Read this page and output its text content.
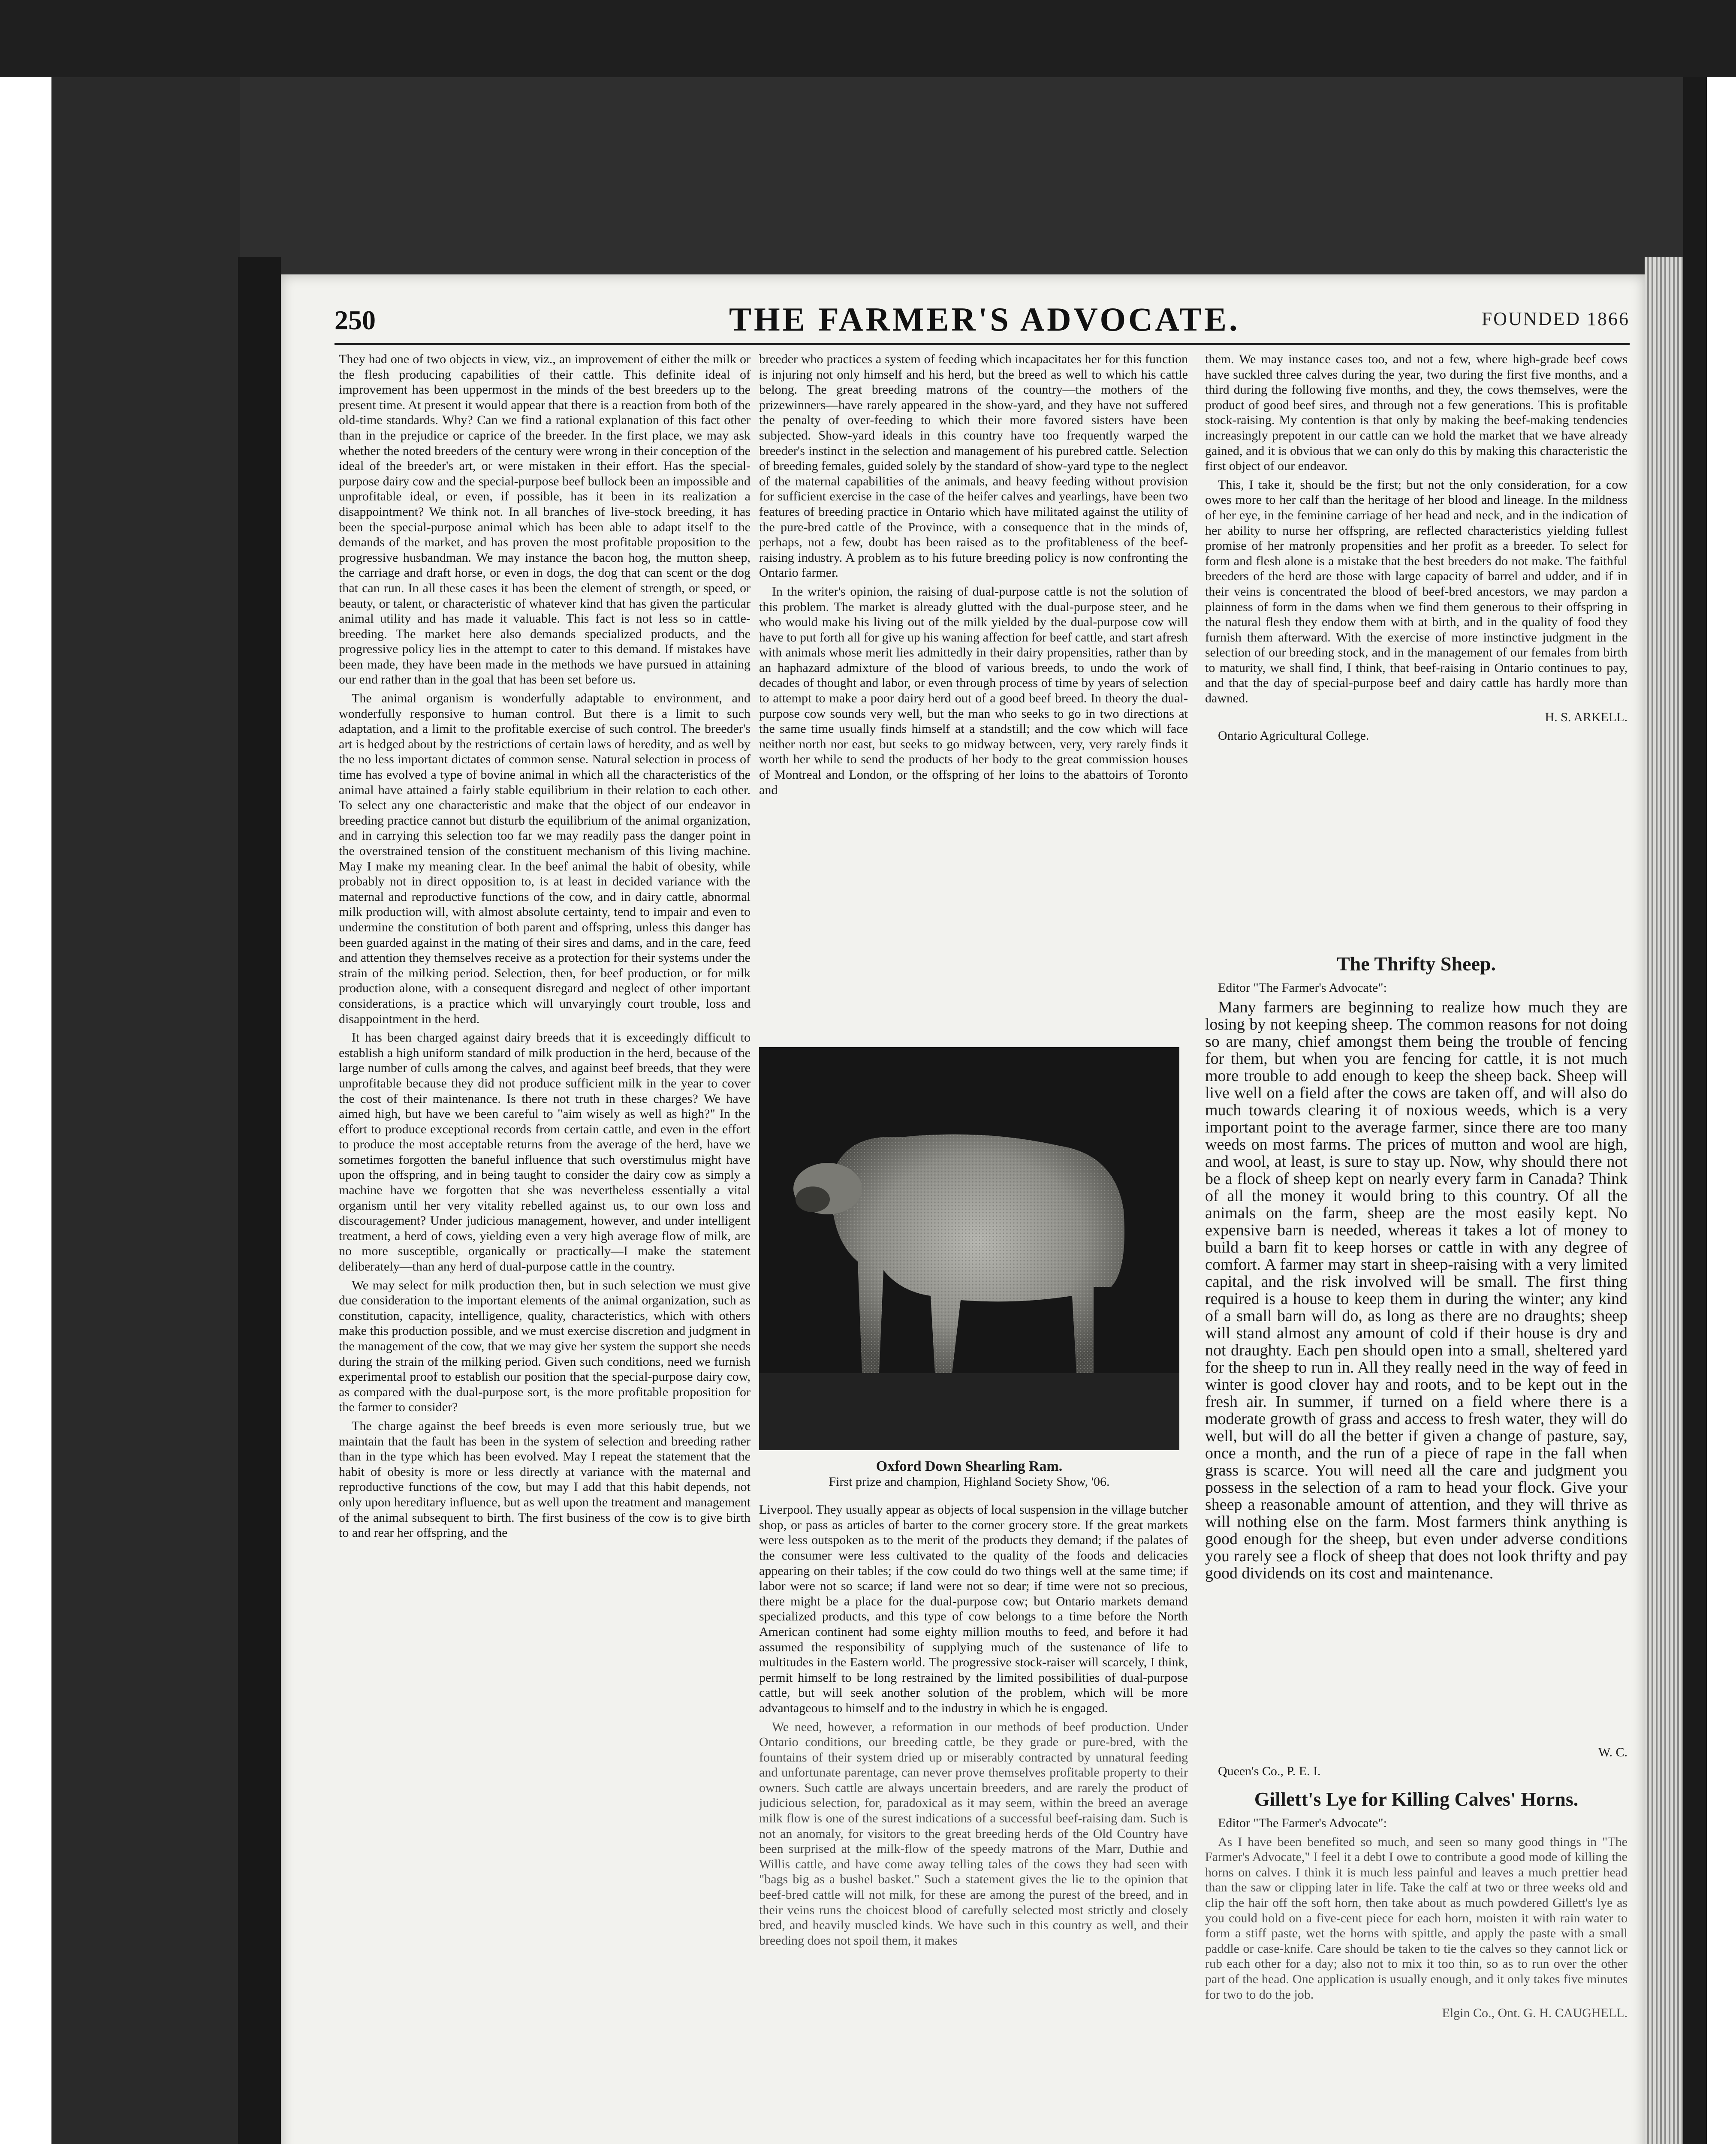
250	THE FARMER'S ADVOCATE.	FOUNDED 1866

They had one of two objects in view, viz., an improvement of either the milk or the flesh producing capabilities of their cattle. This definite ideal of improvement has been uppermost in the minds of the best breeders up to the present time. At present it would appear that there is a reaction from both of the old-time standards. Why? Can we find a rational explanation of this fact other than in the prejudice or caprice of the breeder. In the first place, we may ask whether the noted breeders of the century were wrong in their conception of the ideal of the breeder's art, or were mistaken in their effort. Has the special-purpose dairy cow and the special-purpose beef bullock been an impossible and unprofitable ideal, or even, if possible, has it been in its realization a disappointment? We think not. In all branches of live-stock breeding, it has been the special-purpose animal which has been able to adapt itself to the demands of the market, and has proven the most profitable proposition to the progressive husbandman. We may instance the bacon hog, the mutton sheep, the carriage and draft horse, or even in dogs, the dog that can scent or the dog that can run. In all these cases it has been the element of strength, or speed, or beauty, or talent, or characteristic of whatever kind that has given the particular animal utility and has made it valuable. This fact is not less so in cattle-breeding. The market here also demands specialized products, and the progressive policy lies in the attempt to cater to this demand. If mistakes have been made, they have been made in the methods we have pursued in attaining our end rather than in the goal that has been set before us.

The animal organism is wonderfully adaptable to environment, and wonderfully responsive to human control. But there is a limit to such adaptation, and a limit to the profitable exercise of such control. The breeder's art is hedged about by the restrictions of certain laws of heredity, and as well by the no less important dictates of common sense. Natural selection in process of time has evolved a type of bovine animal in which all the characteristics of the animal have attained a fairly stable equilibrium in their relation to each other. To select any one characteristic and make that the object of our endeavor in breeding practice cannot but disturb the equilibrium of the animal organization, and in carrying this selection too far we may readily pass the danger point in the overstrained tension of the constituent mechanism of this living machine. May I make my meaning clear. In the beef animal the habit of obesity, while probably not in direct opposition to, is at least in decided variance with the maternal and reproductive functions of the cow, and in dairy cattle, abnormal milk production will, with almost absolute certainty, tend to impair and even to undermine the constitution of both parent and offspring, unless this danger has been guarded against in the mating of their sires and dams, and in the care, feed and attention they themselves receive as a protection for their systems under the strain of the milking period. Selection, then, for beef production, or for milk production alone, with a consequent disregard and neglect of other important considerations, is a practice which will unvaryingly court trouble, loss and disappointment in the herd.

It has been charged against dairy breeds that it is exceedingly difficult to establish a high uniform standard of milk production in the herd, because of the large number of culls among the calves, and against beef breeds, that they were unprofitable because they did not produce sufficient milk in the year to cover the cost of their maintenance. Is there not truth in these charges? We have aimed high, but have we been careful to "aim wisely as well as high?" In the effort to produce exceptional records from certain cattle, and even in the effort to produce the most acceptable returns from the average of the herd, have we sometimes forgotten the baneful influence that such overstimulus might have upon the offspring, and in being taught to consider the dairy cow as simply a machine have we forgotten that she was nevertheless essentially a vital organism until her very vitality rebelled against us, to our own loss and discouragement? Under judicious management, however, and under intelligent treatment, a herd of cows, yielding even a very high average flow of milk, are no more susceptible, organically or practically—I make the statement deliberately—than any herd of dual-purpose cattle in the country.

We may select for milk production then, but in such selection we must give due consideration to the important elements of the animal organization, such as constitution, capacity, intelligence, quality, characteristics, which with others make this production possible, and we must exercise discretion and judgment in the management of the cow, that we may give her system the support she needs during the strain of the milking period. Given such conditions, need we furnish experimental proof to establish our position that the special-purpose dairy cow, as compared with the dual-purpose sort, is the more profitable proposition for the farmer to consider?

The charge against the beef breeds is even more seriously true, but we maintain that the fault has been in the system of selection and breeding rather than in the type which has been evolved. May I repeat the statement that the habit of obesity is more or less directly at variance with the maternal and reproductive functions of the cow, but may I add that this habit depends, not only upon hereditary influence, but as well upon the treatment and management of the animal subsequent to birth. The first business of the cow is to give birth to and rear her offspring, and the

breeder who practices a system of feeding which incapacitates her for this function is injuring not only himself and his herd, but the breed as well to which his cattle belong. The great breeding matrons of the country—the mothers of the prizewinners—have rarely appeared in the show-yard, and they have not suffered the penalty of over-feeding to which their more favored sisters have been subjected. Show-yard ideals in this country have too frequently warped the breeder's instinct in the selection and management of his purebred cattle. Selection of breeding females, guided solely by the standard of show-yard type to the neglect of the maternal capabilities of the animals, and heavy feeding without provision for sufficient exercise in the case of the heifer calves and yearlings, have been two features of breeding practice in Ontario which have militated against the utility of the pure-bred cattle of the Province, with a consequence that in the minds of, perhaps, not a few, doubt has been raised as to the profitableness of the beef-raising industry. A problem as to his future breeding policy is now confronting the Ontario farmer.

In the writer's opinion, the raising of dual-purpose cattle is not the solution of this problem. The market is already glutted with the dual-purpose steer, and he who would make his living out of the milk yielded by the dual-purpose cow will have to put forth all for give up his waning affection for beef cattle, and start afresh with animals whose merit lies admittedly in their dairy propensities, rather than by an haphazard admixture of the blood of various breeds, to undo the work of decades of thought and labor, or even through process of time by years of selection to attempt to make a poor dairy herd out of a good beef breed. In theory the dual-purpose cow sounds very well, but the man who seeks to go in two directions at the same time usually finds himself at a standstill; and the cow which will face neither north nor east, but seeks to go midway between, very, very rarely finds it worth her while to send the products of her body to the great commission houses of Montreal and London, or the offspring of her loins to the abattoirs of Toronto and

Oxford Down Shearling Ram.
First prize and champion, Highland Society Show, '06.

Liverpool. They usually appear as objects of local suspension in the village butcher shop, or pass as articles of barter to the corner grocery store. If the great markets were less outspoken as to the merit of the products they demand; if the palates of the consumer were less cultivated to the quality of the foods and delicacies appearing on their tables; if the cow could do two things well at the same time; if labor were not so scarce; if land were not so dear; if time were not so precious, there might be a place for the dual-purpose cow; but Ontario markets demand specialized products, and this type of cow belongs to a time before the North American continent had some eighty million mouths to feed, and before it had assumed the responsibility of supplying much of the sustenance of life to multitudes in the Eastern world. The progressive stock-raiser will scarcely, I think, permit himself to be long restrained by the limited possibilities of dual-purpose cattle, but will seek another solution of the problem, which will be more advantageous to himself and to the industry in which he is engaged.

We need, however, a reformation in our methods of beef production. Under Ontario conditions, our breeding cattle, be they grade or pure-bred, with the fountains of their system dried up or miserably contracted by unnatural feeding and unfortunate parentage, can never prove themselves profitable property to their owners. Such cattle are always uncertain breeders, and are rarely the product of judicious selection, for, paradoxical as it may seem, within the breed an average milk flow is one of the surest indications of a successful beef-raising dam. Such is not an anomaly, for visitors to the great breeding herds of the Old Country have been surprised at the milk-flow of the speedy matrons of the Marr, Duthie and Willis cattle, and have come away telling tales of the cows they had seen with "bags big as a bushel basket." Such a statement gives the lie to the opinion that beef-bred cattle will not milk, for these are among the purest of the breed, and in their veins runs the choicest blood of carefully selected most strictly and closely bred, and heavily muscled kinds. We have such in this country as well, and their breeding does not spoil them, it makes

them. We may instance cases too, and not a few, where high-grade beef cows have suckled three calves during the year, two during the first five months, and a third during the following five months, and they, the cows themselves, were the product of good beef sires, and through not a few generations. This is profitable stock-raising. My contention is that only by making the beef-making tendencies increasingly prepotent in our cattle can we hold the market that we have already gained, and it is obvious that we can only do this by making this characteristic the first object of our endeavor.

This, I take it, should be the first; but not the only consideration, for a cow owes more to her calf than the heritage of her blood and lineage. In the mildness of her eye, in the feminine carriage of her head and neck, and in the indication of her ability to nurse her offspring, are reflected characteristics yielding fullest promise of her matronly propensities and her profit as a breeder. To select for form and flesh alone is a mistake that the best breeders do not make. The faithful breeders of the herd are those with large capacity of barrel and udder, and if in their veins is concentrated the blood of beef-bred ancestors, we may pardon a plainness of form in the dams when we find them generous to their offspring in the natural flesh they endow them with at birth, and in the quality of food they furnish them afterward. With the exercise of more instinctive judgment in the selection of our breeding stock, and in the management of our females from birth to maturity, we shall find, I think, that beef-raising in Ontario continues to pay, and that the day of special-purpose beef and dairy cattle has hardly more than dawned.

H. S. ARKELL.

Ontario Agricultural College.

The Thrifty Sheep.

Editor "The Farmer's Advocate":

Many farmers are beginning to realize how much they are losing by not keeping sheep. The common reasons for not doing so are many, chief amongst them being the trouble of fencing for them, but when you are fencing for cattle, it is not much more trouble to add enough to keep the sheep back. Sheep will live well on a field after the cows are taken off, and will also do much towards clearing it of noxious weeds, which is a very important point to the average farmer, since there are too many weeds on most farms. The prices of mutton and wool are high, and wool, at least, is sure to stay up. Now, why should there not be a flock of sheep kept on nearly every farm in Canada? Think of all the money it would bring to this country. Of all the animals on the farm, sheep are the most easily kept. No expensive barn is needed, whereas it takes a lot of money to build a barn fit to keep horses or cattle in with any degree of comfort. A farmer may start in sheep-raising with a very limited capital, and the risk involved will be small. The first thing required is a house to keep them in during the winter; any kind of a small barn will do, as long as there are no draughts; sheep will stand almost any amount of cold if their house is dry and not draughty. Each pen should open into a small, sheltered yard for the sheep to run in. All they really need in the way of feed in winter is good clover hay and roots, and to be kept out in the fresh air. In summer, if turned on a field where there is a moderate growth of grass and access to fresh water, they will do well, but will do all the better if given a change of pasture, say, once a month, and the run of a piece of rape in the fall when grass is scarce. You will need all the care and judgment you possess in the selection of a ram to head your flock. Give your sheep a reasonable amount of attention, and they will thrive as will nothing else on the farm. Most farmers think anything is good enough for the sheep, but even under adverse conditions you rarely see a flock of sheep that does not look thrifty and pay good dividends on its cost and maintenance.

W. C.

Queen's Co., P. E. I.

Gillett's Lye for Killing Calves' Horns.

Editor "The Farmer's Advocate":

As I have been benefited so much, and seen so many good things in "The Farmer's Advocate," I feel it a debt I owe to contribute a good mode of killing the horns on calves. I think it is much less painful and leaves a much prettier head than the saw or clipping later in life. Take the calf at two or three weeks old and clip the hair off the soft horn, then take about as much powdered Gillett's lye as you could hold on a five-cent piece for each horn, moisten it with rain water to form a stiff paste, wet the horns with spittle, and apply the paste with a small paddle or case-knife. Care should be taken to tie the calves so they cannot lick or rub each other for a day; also not to mix it too thin, so as to run over the other part of the head. One application is usually enough, and it only takes five minutes for two to do the job.

Elgin Co., Ont. G. H. CAUGHELL.
